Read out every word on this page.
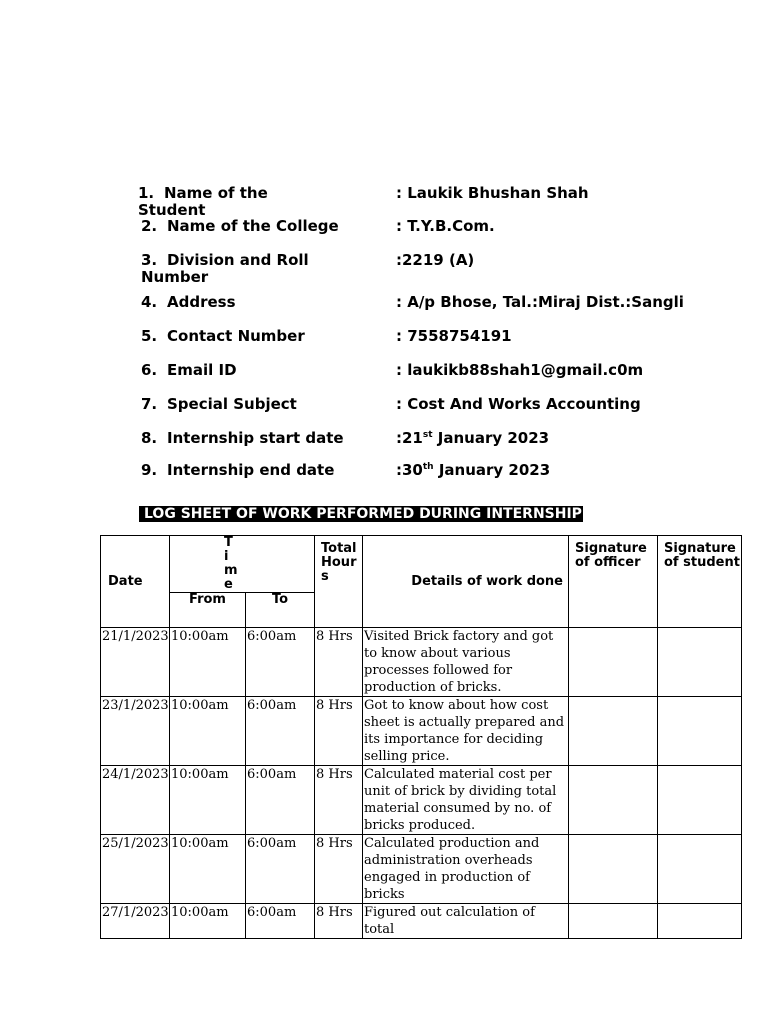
1. Name of the Student
: Laukik Bhushan Shah
2. Name of the College	: T.Y.B.Com.
3. Division and Roll Number
:2219 (A)
4. Address	: A/p Bhose, Tal.:Miraj Dist.:Sangli
5. Contact Number	: 7558754191
6. Email ID	: laukikb88shah1@gmail.c0m
7. Special Subject	: Cost And Works Accounting
8. Internship start date	:21st January 2023
9. Internship end date	:30th January 2023
LOG SHEET OF WORK PERFORMED DURING INTERNSHIP
Date	Time		Total Hours	Details of work done	Signature of officer	Signature of student
	From	To				
21/1/2023	10:00am	6:00am	8 Hrs	Visited Brick factory and got to know about various processes followed for production of bricks.		
23/1/2023	10:00am	6:00am	8 Hrs	Got to know about how cost sheet is actually prepared and its importance for deciding selling price.		
24/1/2023	10:00am	6:00am	8 Hrs	Calculated material cost per unit of brick by dividing total material consumed by no. of bricks produced.		
25/1/2023	10:00am	6:00am	8 Hrs	Calculated production and administration overheads engaged in production of bricks		
27/1/2023	10:00am	6:00am	8 Hrs	Figured out calculation of total		
